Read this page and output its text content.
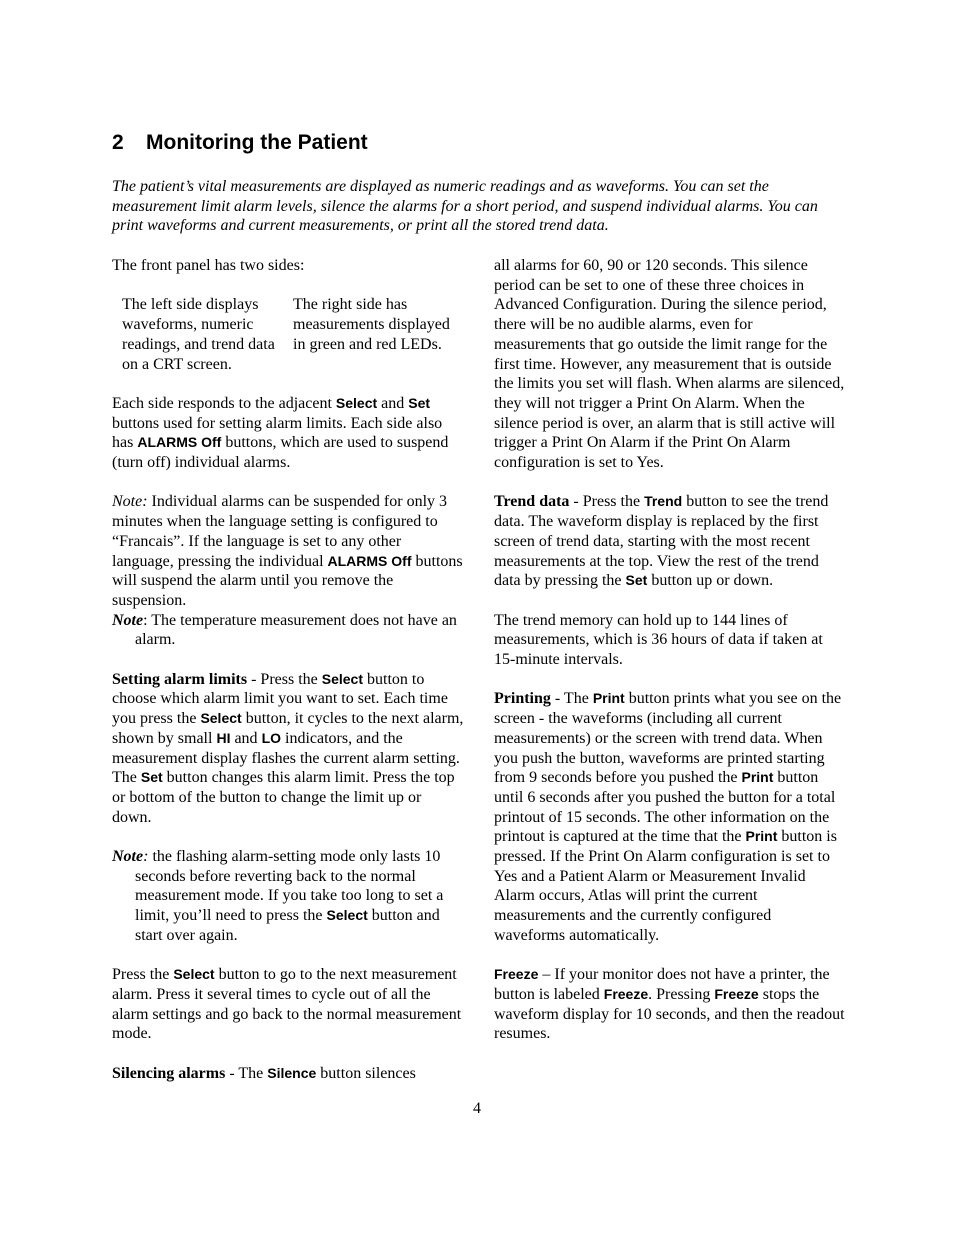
2 Monitoring the Patient

The patient’s vital measurements are displayed as numeric readings and as waveforms. You can set the measurement limit alarm levels, silence the alarms for a short period, and suspend individual alarms. You can print waveforms and current measurements, or print all the stored trend data.

The front panel has two sides:

The left side displays waveforms, numeric readings, and trend data on a CRT screen.
The right side has measurements displayed in green and red LEDs.

Each side responds to the adjacent Select and Set buttons used for setting alarm limits. Each side also has ALARMS Off buttons, which are used to suspend (turn off) individual alarms.

Note: Individual alarms can be suspended for only 3 minutes when the language setting is configured to “Francais”. If the language is set to any other language, pressing the individual ALARMS Off buttons will suspend the alarm until you remove the suspension.

Note: The temperature measurement does not have an alarm.

Setting alarm limits - Press the Select button to choose which alarm limit you want to set. Each time you press the Select button, it cycles to the next alarm, shown by small HI and LO indicators, and the measurement display flashes the current alarm setting. The Set button changes this alarm limit. Press the top or bottom of the button to change the limit up or down.

Note: the flashing alarm-setting mode only lasts 10 seconds before reverting back to the normal measurement mode. If you take too long to set a limit, you’ll need to press the Select button and start over again.

Press the Select button to go to the next measurement alarm. Press it several times to cycle out of all the alarm settings and go back to the normal measurement mode.

Silencing alarms - The Silence button silences

all alarms for 60, 90 or 120 seconds. This silence period can be set to one of these three choices in Advanced Configuration. During the silence period, there will be no audible alarms, even for measurements that go outside the limit range for the first time. However, any measurement that is outside the limits you set will flash. When alarms are silenced, they will not trigger a Print On Alarm. When the silence period is over, an alarm that is still active will trigger a Print On Alarm if the Print On Alarm configuration is set to Yes.

Trend data - Press the Trend button to see the trend data. The waveform display is replaced by the first screen of trend data, starting with the most recent measurements at the top. View the rest of the trend data by pressing the Set button up or down.

The trend memory can hold up to 144 lines of measurements, which is 36 hours of data if taken at 15-minute intervals.

Printing - The Print button prints what you see on the screen - the waveforms (including all current measurements) or the screen with trend data. When you push the button, waveforms are printed starting from 9 seconds before you pushed the Print button until 6 seconds after you pushed the button for a total printout of 15 seconds. The other information on the printout is captured at the time that the Print button is pressed. If the Print On Alarm configuration is set to Yes and a Patient Alarm or Measurement Invalid Alarm occurs, Atlas will print the current measurements and the currently configured waveforms automatically.

Freeze – If your monitor does not have a printer, the button is labeled Freeze. Pressing Freeze stops the waveform display for 10 seconds, and then the readout resumes.

4
